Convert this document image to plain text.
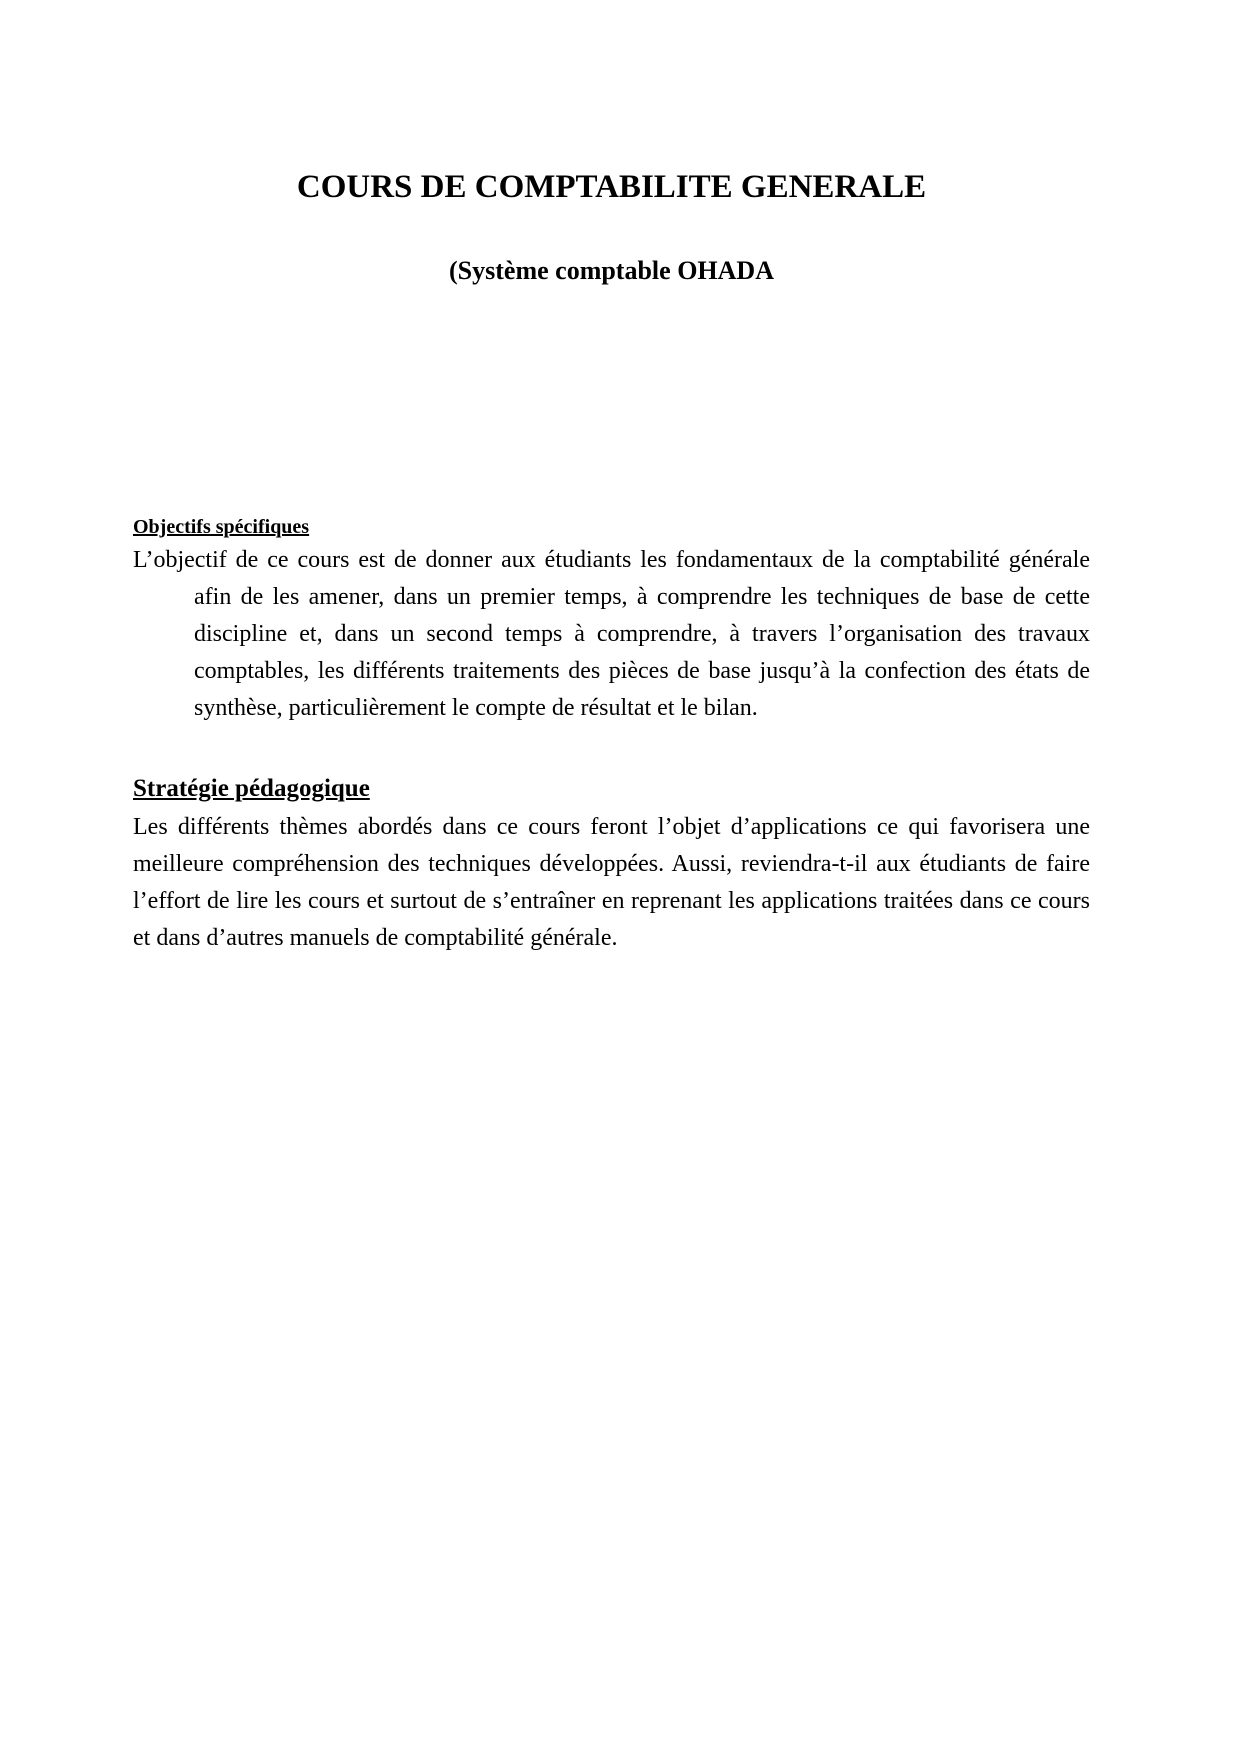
COURS DE COMPTABILITE GENERALE
(Système comptable OHADA
Objectifs spécifiques

L’objectif de ce cours est de donner aux étudiants les fondamentaux de la comptabilité générale afin de les amener, dans un premier temps, à comprendre les techniques de base de cette discipline et, dans un second temps à comprendre, à travers l’organisation des travaux comptables, les différents traitements des pièces de base jusqu’à la confection des états de synthèse, particulièrement le compte de résultat et le bilan.

Stratégie pédagogique

Les différents thèmes abordés dans ce cours feront l’objet d’applications ce qui favorisera une meilleure compréhension des techniques développées. Aussi, reviendra-t-il aux étudiants de faire l’effort de lire les cours et surtout de s’entraîner en reprenant les applications traitées dans ce cours et dans d’autres manuels de comptabilité générale.
